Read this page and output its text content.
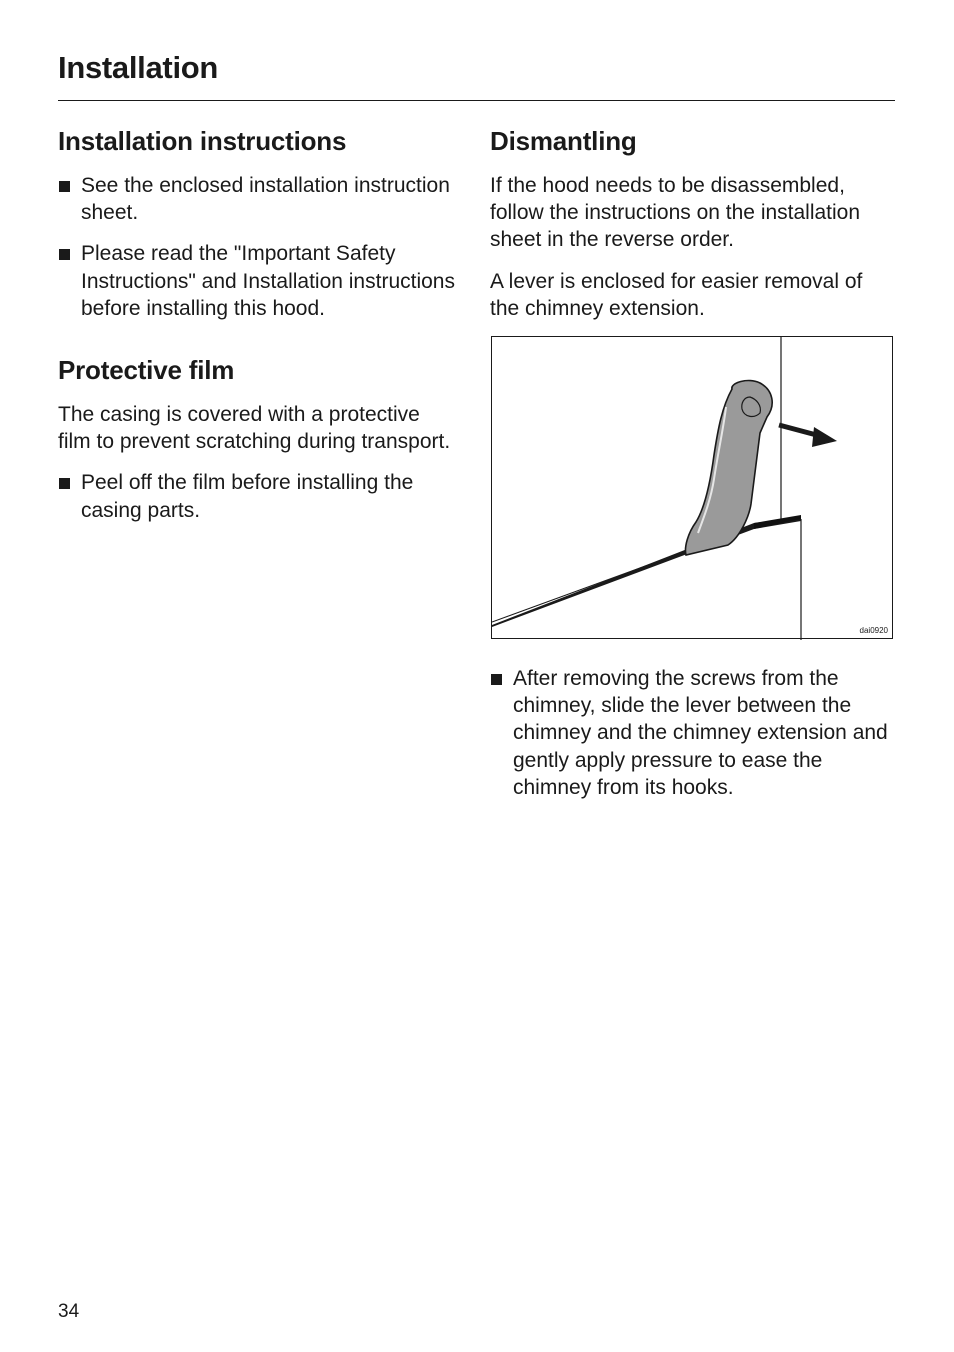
Installation
Installation instructions
See the enclosed installation instruction sheet.
Please read the "Important Safety Instructions" and Installation instructions before installing this hood.
Protective film

The casing is covered with a protective film to prevent scratching during transport.

Peel off the film before installing the casing parts.
Dismantling

If the hood needs to be disassembled, follow the instructions on the installation sheet in the reverse order.

A lever is enclosed for easier removal of the chimney extension.

dai0920
After removing the screws from the chimney, slide the lever between the chimney and the chimney extension and gently apply pressure to ease the chimney from its hooks.
34
